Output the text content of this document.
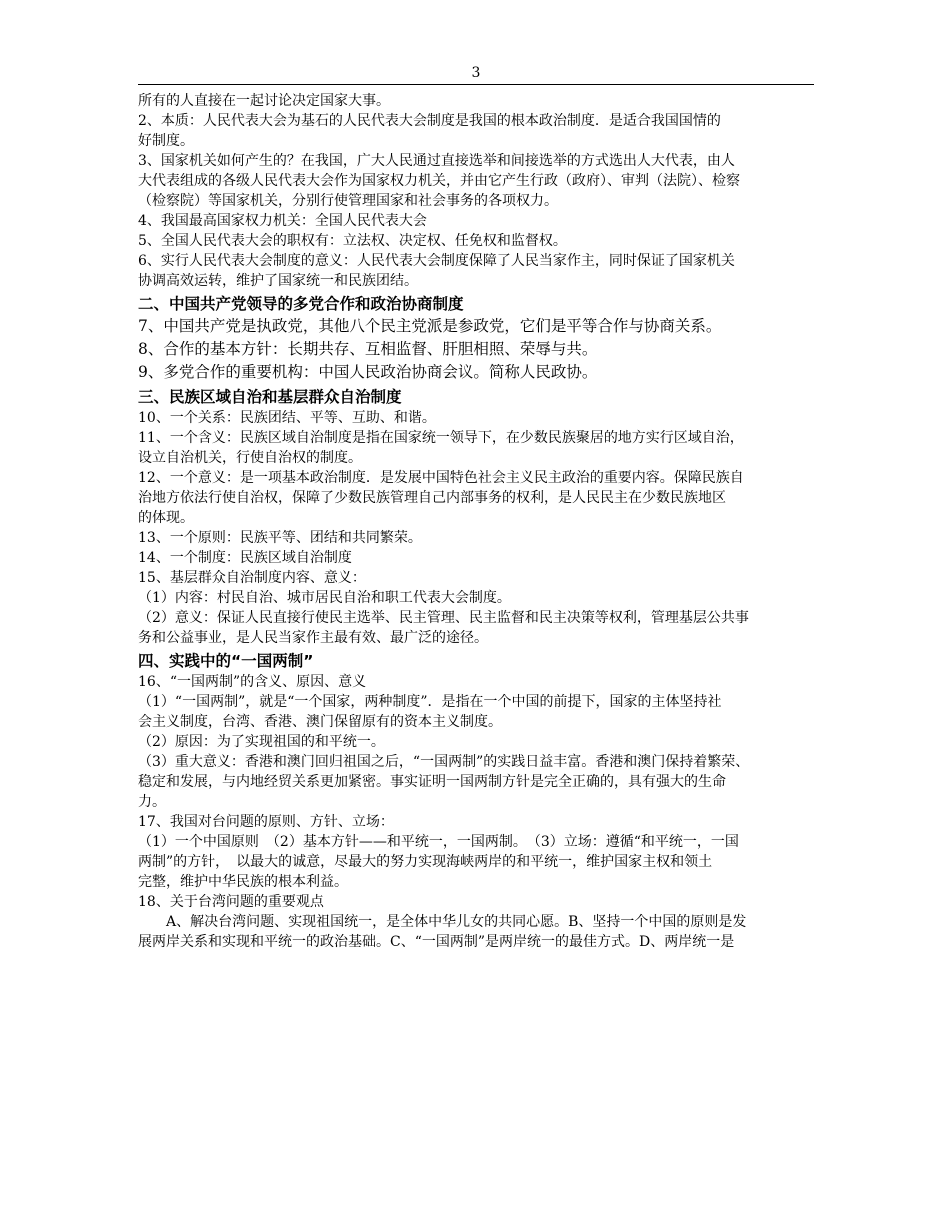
3
所有的人直接在一起讨论决定国家大事。
2、本质：人民代表大会为基石的人民代表大会制度是我国的根本政治制度．是适合我国国情的
好制度。
3、国家机关如何产生的？在我国，广大人民通过直接选举和间接选举的方式选出人大代表，由人
大代表组成的各级人民代表大会作为国家权力机关，并由它产生行政（政府）、审判（法院）、检察
（检察院）等国家机关，分别行使管理国家和社会事务的各项权力。
4、我国最高国家权力机关：全国人民代表大会
5、全国人民代表大会的职权有：立法权、决定权、任免权和监督权。
6、实行人民代表大会制度的意义：人民代表大会制度保障了人民当家作主，同时保证了国家机关
协调高效运转，维护了国家统一和民族团结。
二、中国共产党领导的多党合作和政治协商制度
7、中国共产党是执政党，其他八个民主党派是参政党，它们是平等合作与协商关系。
8、合作的基本方针：长期共存、互相监督、肝胆相照、荣辱与共。
9、多党合作的重要机构：中国人民政治协商会议。简称人民政协。
三、民族区域自治和基层群众自治制度
10、一个关系：民族团结、平等、互助、和谐。
11、一个含义：民族区域自治制度是指在国家统一领导下，在少数民族聚居的地方实行区域自治，
设立自治机关，行使自治权的制度。
12、一个意义：是一项基本政治制度．是发展中国特色社会主义民主政治的重要内容。保障民族自
治地方依法行使自治权，保障了少数民族管理自己内部事务的权利，是人民民主在少数民族地区
的体现。
13、一个原则：民族平等、团结和共同繁荣。
14、一个制度：民族区域自治制度
15、基层群众自治制度内容、意义：
（1）内容：村民自治、城市居民自治和职工代表大会制度。
（2）意义：保证人民直接行使民主选举、民主管理、民主监督和民主决策等权利，管理基层公共事
务和公益事业，是人民当家作主最有效、最广泛的途径。
四、实践中的“一国两制”
16、“一国两制”的含义、原因、意义
（1）“一国两制”，就是“一个国家，两种制度”．是指在一个中国的前提下，国家的主体坚持社
会主义制度，台湾、香港、澳门保留原有的资本主义制度。
（2）原因：为了实现祖国的和平统一。
（3）重大意义：香港和澳门回归祖国之后，“一国两制”的实践日益丰富。香港和澳门保持着繁荣、
稳定和发展，与内地经贸关系更加紧密。事实证明一国两制方针是完全正确的，具有强大的生命
力。
17、我国对台问题的原则、方针、立场：
（1）一个中国原则　（2）基本方针——和平统一，一国两制。　（3）立场：遵循“和平统一，一国
两制”的方针，　以最大的诚意，尽最大的努力实现海峡两岸的和平统一，维护国家主权和领土
完整，维护中华民族的根本利益。
18、关于台湾问题的重要观点
A、解决台湾问题、实现祖国统一，是全体中华儿女的共同心愿。B、坚持一个中国的原则是发
展两岸关系和实现和平统一的政治基础。C、“一国两制”是两岸统一的最佳方式。D、两岸统一是
